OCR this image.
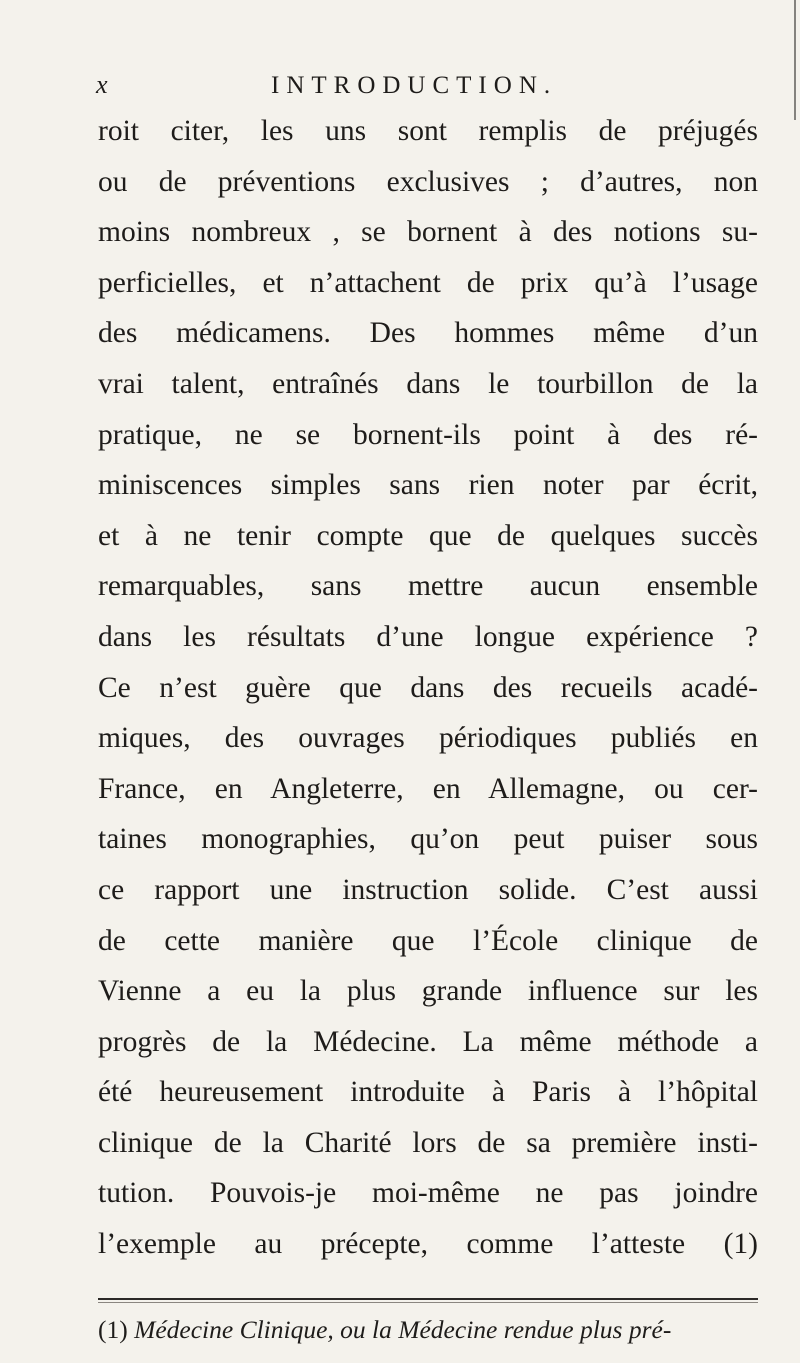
x	INTRODUCTION.
roit citer, les uns sont remplis de préjugés
ou de préventions exclusives ; d’autres, non
moins nombreux , se bornent à des notions su-
perficielles, et n’attachent de prix qu’à l’usage
des médicamens. Des hommes même d’un
vrai talent, entraînés dans le tourbillon de la
pratique, ne se bornent-ils point à des ré-
miniscences simples sans rien noter par écrit,
et à ne tenir compte que de quelques succès
remarquables, sans mettre aucun ensemble
dans les résultats d’une longue expérience ?
Ce n’est guère que dans des recueils acadé-
miques, des ouvrages périodiques publiés en
France, en Angleterre, en Allemagne, ou cer-
taines monographies, qu’on peut puiser sous
ce rapport une instruction solide. C’est aussi
de cette manière que l’École clinique de
Vienne a eu la plus grande influence sur les
progrès de la Médecine. La même méthode a
été heureusement introduite à Paris à l’hôpital
clinique de la Charité lors de sa première insti-
tution. Pouvois-je moi-même ne pas joindre
l’exemple au précepte, comme l’atteste (1)
(1) Médecine Clinique, ou la Médecine rendue plus pré-
